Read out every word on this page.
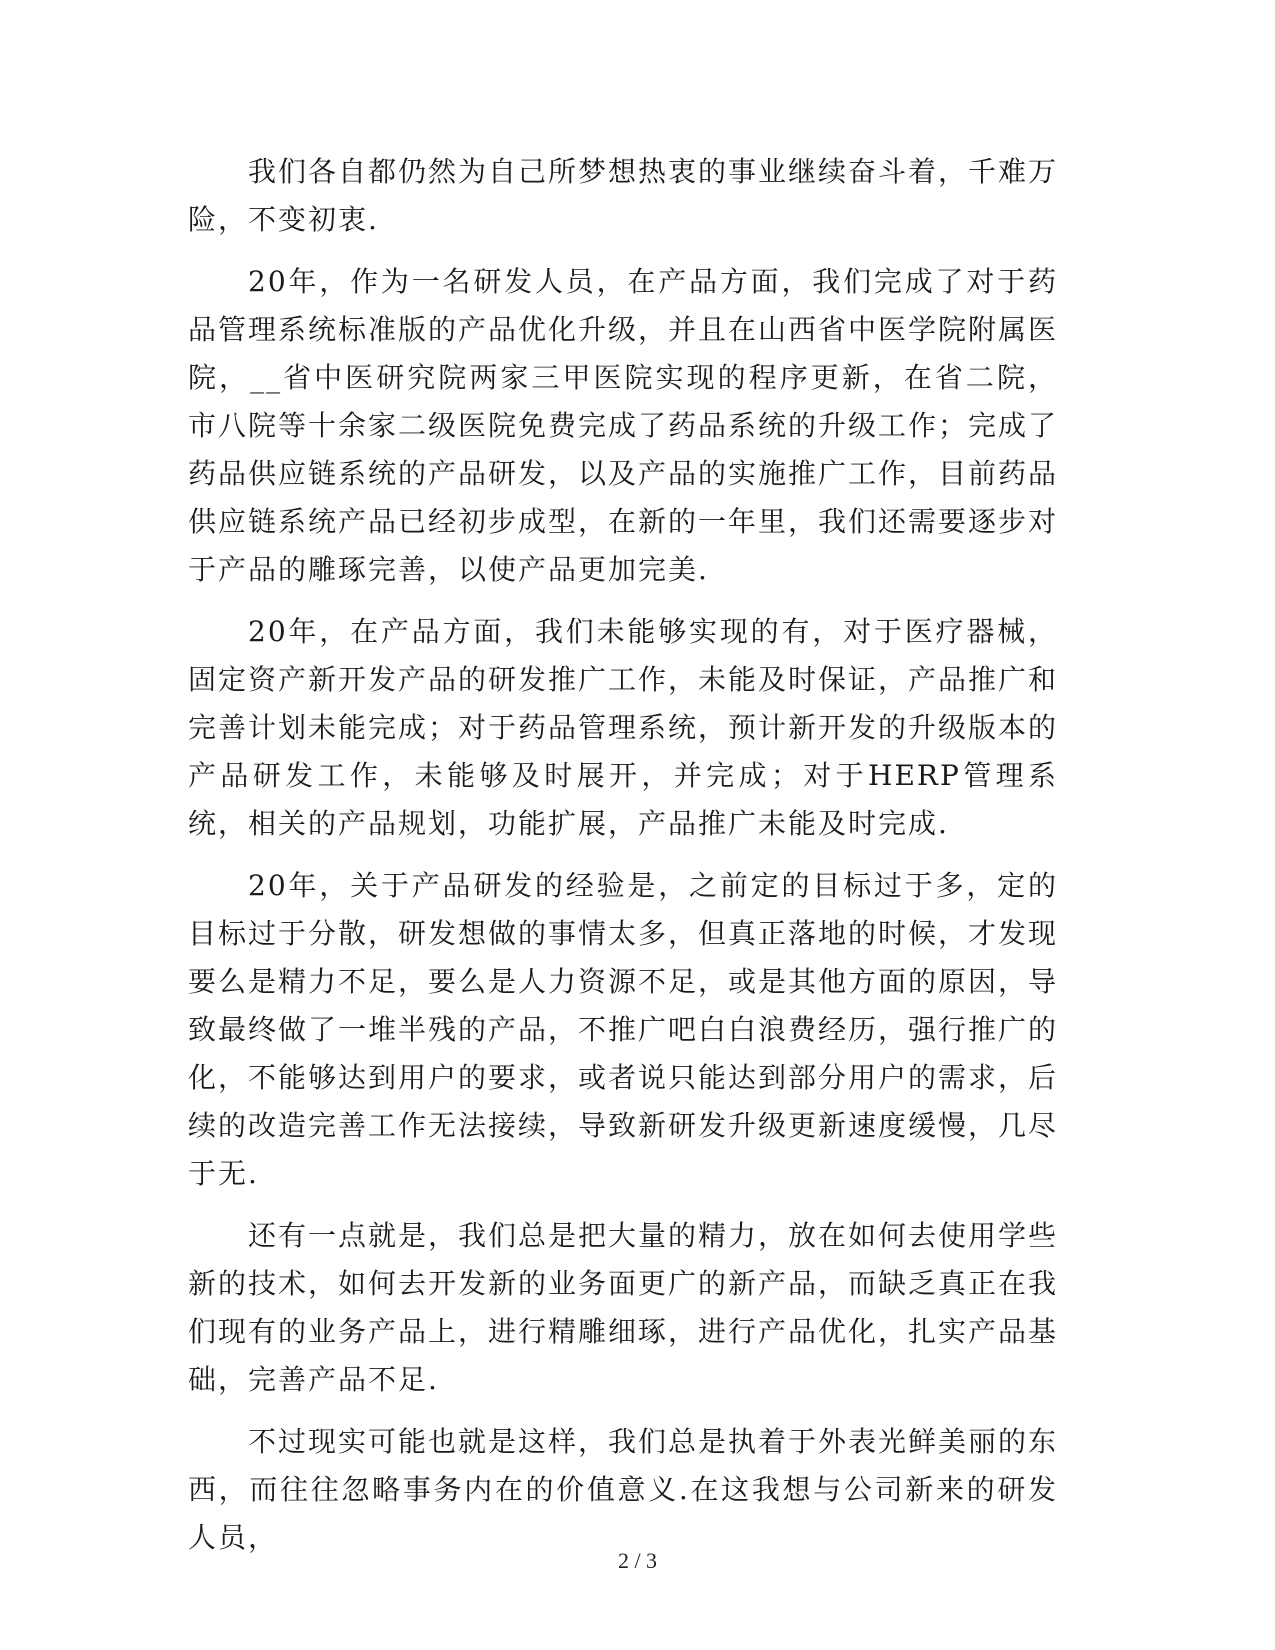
我们各自都仍然为自己所梦想热衷的事业继续奋斗着，千难万险，不变初衷.

20年，作为一名研发人员，在产品方面，我们完成了对于药品管理系统标准版的产品优化升级，并且在山西省中医学院附属医院，__省中医研究院两家三甲医院实现的程序更新，在省二院，市八院等十余家二级医院免费完成了药品系统的升级工作；完成了药品供应链系统的产品研发，以及产品的实施推广工作，目前药品供应链系统产品已经初步成型，在新的一年里，我们还需要逐步对于产品的雕琢完善，以使产品更加完美.

20年，在产品方面，我们未能够实现的有，对于医疗器械，固定资产新开发产品的研发推广工作，未能及时保证，产品推广和完善计划未能完成；对于药品管理系统，预计新开发的升级版本的产品研发工作，未能够及时展开，并完成；对于HERP管理系统，相关的产品规划，功能扩展，产品推广未能及时完成.

20年，关于产品研发的经验是，之前定的目标过于多，定的目标过于分散，研发想做的事情太多，但真正落地的时候，才发现要么是精力不足，要么是人力资源不足，或是其他方面的原因，导致最终做了一堆半残的产品，不推广吧白白浪费经历，强行推广的化，不能够达到用户的要求，或者说只能达到部分用户的需求，后续的改造完善工作无法接续，导致新研发升级更新速度缓慢，几尽于无.

还有一点就是，我们总是把大量的精力，放在如何去使用学些新的技术，如何去开发新的业务面更广的新产品，而缺乏真正在我们现有的业务产品上，进行精雕细琢，进行产品优化，扎实产品基础，完善产品不足.

不过现实可能也就是这样，我们总是执着于外表光鲜美丽的东西，而往往忽略事务内在的价值意义.在这我想与公司新来的研发人员，

2 / 3
